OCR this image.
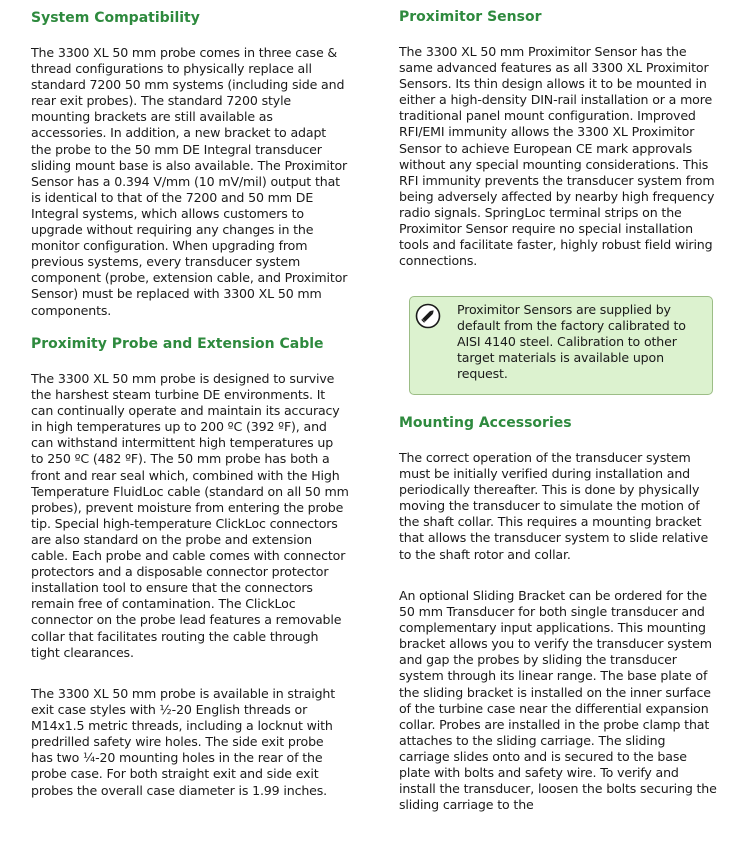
System Compatibility

The 3300 XL 50 mm probe comes in three case & thread configurations to physically replace all standard 7200 50 mm systems (including side and rear exit probes). The standard 7200 style mounting brackets are still available as accessories. In addition, a new bracket to adapt the probe to the 50 mm DE Integral transducer sliding mount base is also available. The Proximitor Sensor has a 0.394 V/mm (10 mV/mil) output that is identical to that of the 7200 and 50 mm DE Integral systems, which allows customers to upgrade without requiring any changes in the monitor configuration. When upgrading from previous systems, every transducer system component (probe, extension cable, and Proximitor Sensor) must be replaced with 3300 XL 50 mm components.

Proximity Probe and Extension Cable

The 3300 XL 50 mm probe is designed to survive the harshest steam turbine DE environments. It can continually operate and maintain its accuracy in high temperatures up to 200 ºC (392 ºF), and can withstand intermittent high temperatures up to 250 ºC (482 ºF). The 50 mm probe has both a front and rear seal which, combined with the High Temperature FluidLoc cable (standard on all 50 mm probes), prevent moisture from entering the probe tip. Special high-temperature ClickLoc connectors are also standard on the probe and extension cable. Each probe and cable comes with connector protectors and a disposable connector protector installation tool to ensure that the connectors remain free of contamination. The ClickLoc connector on the probe lead features a removable collar that facilitates routing the cable through tight clearances.

The 3300 XL 50 mm probe is available in straight exit case styles with ½-20 English threads or M14x1.5 metric threads, including a locknut with predrilled safety wire holes. The side exit probe has two ¼-20 mounting holes in the rear of the probe case. For both straight exit and side exit probes the overall case diameter is 1.99 inches.

Proximitor Sensor

The 3300 XL 50 mm Proximitor Sensor has the same advanced features as all 3300 XL Proximitor Sensors. Its thin design allows it to be mounted in either a high-density DIN-rail installation or a more traditional panel mount configuration. Improved RFI/EMI immunity allows the 3300 XL Proximitor Sensor to achieve European CE mark approvals without any special mounting considerations. This RFI immunity prevents the transducer system from being adversely affected by nearby high frequency radio signals. SpringLoc terminal strips on the Proximitor Sensor require no special installation tools and facilitate faster, highly robust field wiring connections.

Mounting Accessories

The correct operation of the transducer system must be initially verified during installation and periodically thereafter. This is done by physically moving the transducer to simulate the motion of the shaft collar. This requires a mounting bracket that allows the transducer system to slide relative to the shaft rotor and collar.

An optional Sliding Bracket can be ordered for the 50 mm Transducer for both single transducer and complementary input applications. This mounting bracket allows you to verify the transducer system and gap the probes by sliding the transducer system through its linear range. The base plate of the sliding bracket is installed on the inner surface of the turbine case near the differential expansion collar. Probes are installed in the probe clamp that attaches to the sliding carriage. The sliding carriage slides onto and is secured to the base plate with bolts and safety wire. To verify and install the transducer, loosen the bolts securing the sliding carriage to the

Proximitor Sensors are supplied by default from the factory calibrated to AISI 4140 steel. Calibration to other target materials is available upon request.
